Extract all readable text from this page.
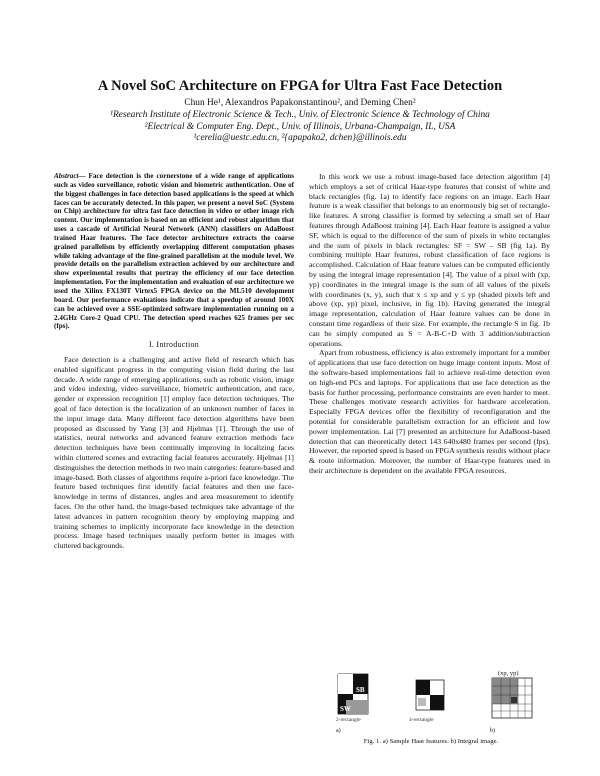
A Novel SoC Architecture on FPGA for Ultra Fast Face Detection
Chun He¹, Alexandros Papakonstantinou², and Deming Chen²
¹Research Institute of Electronic Science & Tech., Univ. of Electronic Science & Technology of China
²Electrical & Computer Eng. Dept., Univ. of Illinois, Urbana-Champaign, IL, USA
¹cerelia@uestc.edu.cn, ²{apapako2, dchen}@illinois.edu

Abstract— Face detection is the cornerstone of a wide range of applications such as video surveillance, robotic vision and biometric authentication. One of the biggest challenges in face detection based applications is the speed at which faces can be accurately detected. In this paper, we present a novel SoC (System on Chip) architecture for ultra fast face detection in video or other image rich content. Our implementation is based on an efficient and robust algorithm that uses a cascade of Artificial Neural Network (ANN) classifiers on AdaBoost trained Haar features. The face detector architecture extracts the coarse grained parallelism by efficiently overlapping different computation phases while taking advantage of the fine-grained parallelism at the module level. We provide details on the parallelism extraction achieved by our architecture and show experimental results that portray the efficiency of our face detection implementation. For the implementation and evaluation of our architecture we used the Xilinx FX130T Virtex5 FPGA device on the ML510 development board. Our performance evaluations indicate that a speedup of around 100X can be achieved over a SSE-optimized software implementation running on a 2.4GHz Core-2 Quad CPU. The detection speed reaches 625 frames per sec (fps).

I. Introduction

Face detection is a challenging and active field of research which has enabled significant progress in the computing vision field during the last decade. A wide range of emerging applications, such as robotic vision, image and video indexing, video surveillance, biometric authentication, and race, gender or expression recognition [1] employ face detection techniques. The goal of face detection is the localization of an unknown number of faces in the input image data. Many different face detection algorithms have been proposed as discussed by Yang [3] and Hjelmas [1]. Through the use of statistics, neural networks and advanced feature extraction methods face detection techniques have been continually improving in localizing faces within cluttered scenes and extracting facial features accurately. Hjelmas [1] distinguishes the detection methods in two main categories: feature-based and image-based. Both classes of algorithms require a-priori face knowledge. The feature based techniques first identify facial features and then use face-knowledge in terms of distances, angles and area measurement to identify faces. On the other hand, the image-based techniques take advantage of the latest advances in pattern recognition theory by employing mapping and training schemes to implicitly incorporate face knowledge in the detection process. Image based techniques usually perform better in images with cluttered backgrounds.

In this work we use a robust image-based face detection algorithm [4] which employs a set of critical Haar-type features that consist of white and black rectangles (fig. 1a) to identify face regions on an image. Each Haar feature is a weak classifier that belongs to an enormously big set of rectangle-like features. A strong classifier is formed by selecting a small set of Haar features through AdaBoost training [4]. Each Haar feature is assigned a value SF, which is equal to the difference of the sum of pixels in white rectangles and the sum of pixels in black rectangles: SF = SW – SB (fig 1a). By combining multiple Haar features, robust classification of face regions is accomplished. Calculation of Haar feature values can be computed efficiently by using the integral image representation [4]. The value of a pixel with (xp, yp) coordinates in the integral image is the sum of all values of the pixels with coordinates (x, y), such that x ≤ xp and y ≤ yp (shaded pixels left and above (xp, yp) pixel, inclusive, in fig 1b). Having generated the integral image representation, calculation of Haar feature values can be done in constant time regardless of their size. For example, the rectangle S in fig. 1b can be simply computed as S = A-B-C+D with 3 addition/subtraction operations.

Apart from robustness, efficiency is also extremely important for a number of applications that use face detection on huge image content inputs. Most of the software-based implementations fail to achieve real-time detection even on high-end PCs and laptops. For applications that use face detection as the basis for further processing, performance constraints are even harder to meet. These challenges motivate research activities for hardware acceleration. Especially FPGA devices offer the flexibility of reconfiguration and the potential for considerable parallelism extraction for an efficient and low power implementation. Lai [7] presented an architecture for AdaBoost-based detection that can theoretically detect 143 640x480 frames per second (fps). However, the reported speed is based on FPGA synthesis results without place & route information. Moreover, the number of Haar-type features used in their architecture is dependent on the available FPGA resources.

SB
SW
2-rectangle	4-rectangle
(xp, yp)
a)	b)
Fig. 1. a) Sample Haar features. b) Integral image.
